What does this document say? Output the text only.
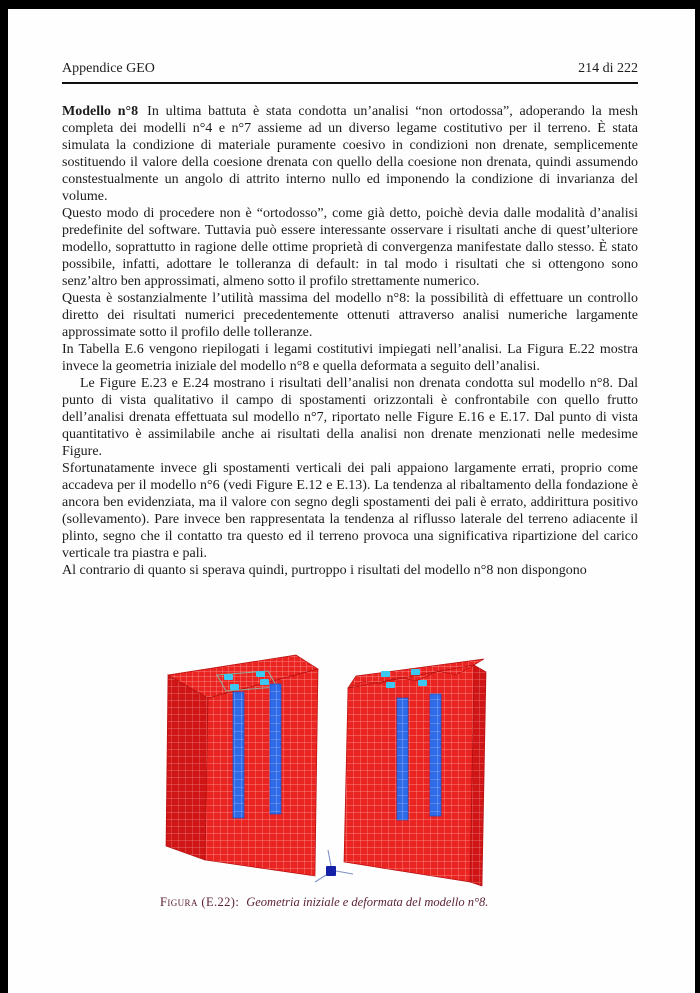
Appendice GEO	214 di 222

Modello n°8 In ultima battuta è stata condotta un’analisi “non ortodossa”, adoperando la mesh completa dei modelli n°4 e n°7 assieme ad un diverso legame costitutivo per il terreno. È stata simulata la condizione di materiale puramente coesivo in condizioni non drenate, semplicemente sostituendo il valore della coesione drenata con quello della coesione non drenata, quindi assumendo constestualmente un angolo di attrito interno nullo ed imponendo la condizione di invarianza del volume.

Questo modo di procedere non è “ortodosso”, come già detto, poichè devia dalle modalità d’analisi predefinite del software. Tuttavia può essere interessante osservare i risultati anche di quest’ulteriore modello, soprattutto in ragione delle ottime proprietà di convergenza manifestate dallo stesso. È stato possibile, infatti, adottare le tolleranza di default: in tal modo i risultati che si ottengono sono senz’altro ben approssimati, almeno sotto il profilo strettamente numerico.

Questa è sostanzialmente l’utilità massima del modello n°8: la possibilità di effettuare un controllo diretto dei risultati numerici precedentemente ottenuti attraverso analisi numeriche largamente approssimate sotto il profilo delle tolleranze.

In Tabella E.6 vengono riepilogati i legami costitutivi impiegati nell’analisi. La Figura E.22 mostra invece la geometria iniziale del modello n°8 e quella deformata a seguito dell’analisi.

Le Figure E.23 e E.24 mostrano i risultati dell’analisi non drenata condotta sul modello n°8. Dal punto di vista qualitativo il campo di spostamenti orizzontali è confrontabile con quello frutto dell’analisi drenata effettuata sul modello n°7, riportato nelle Figure E.16 e E.17. Dal punto di vista quantitativo è assimilabile anche ai risultati della analisi non drenate menzionati nelle medesime Figure.

Sfortunatamente invece gli spostamenti verticali dei pali appaiono largamente errati, proprio come accadeva per il modello n°6 (vedi Figure E.12 e E.13). La tendenza al ribaltamento della fondazione è ancora ben evidenziata, ma il valore con segno degli spostamenti dei pali è errato, addirittura positivo (sollevamento). Pare invece ben rappresentata la tendenza al riflusso laterale del terreno adiacente il plinto, segno che il contatto tra questo ed il terreno provoca una significativa ripartizione del carico verticale tra piastra e pali.

Al contrario di quanto si sperava quindi, purtroppo i risultati del modello n°8 non dispongono

Figura (E.22): Geometria iniziale e deformata del modello n°8.
